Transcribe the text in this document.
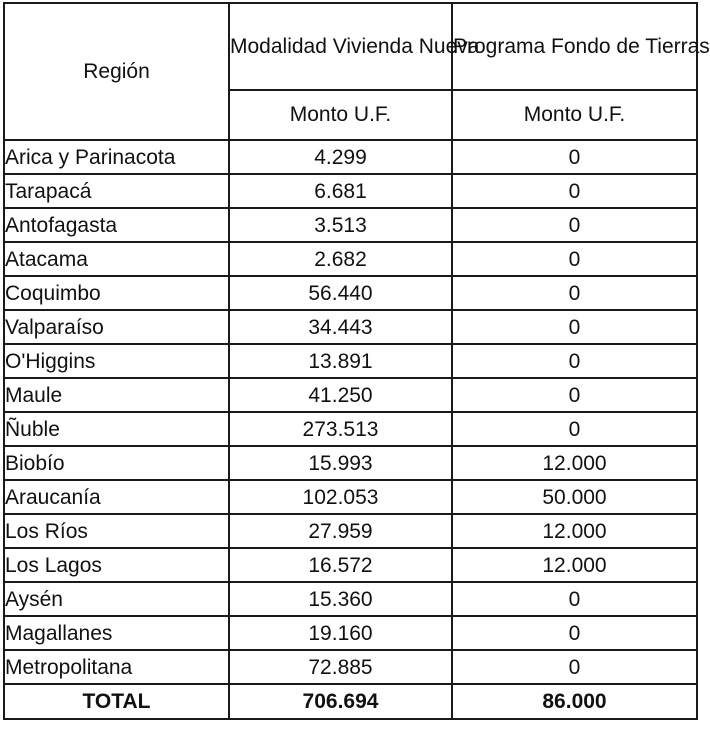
Región	Modalidad Vivienda Nueva	Programa Fondo de Tierras
	Monto U.F.	Monto U.F.
Arica y Parinacota	4.299	0
Tarapacá	6.681	0
Antofagasta	3.513	0
Atacama	2.682	0
Coquimbo	56.440	0
Valparaíso	34.443	0
O'Higgins	13.891	0
Maule	41.250	0
Ñuble	273.513	0
Biobío	15.993	12.000
Araucanía	102.053	50.000
Los Ríos	27.959	12.000
Los Lagos	16.572	12.000
Aysén	15.360	0
Magallanes	19.160	0
Metropolitana	72.885	0
TOTAL	706.694	86.000
